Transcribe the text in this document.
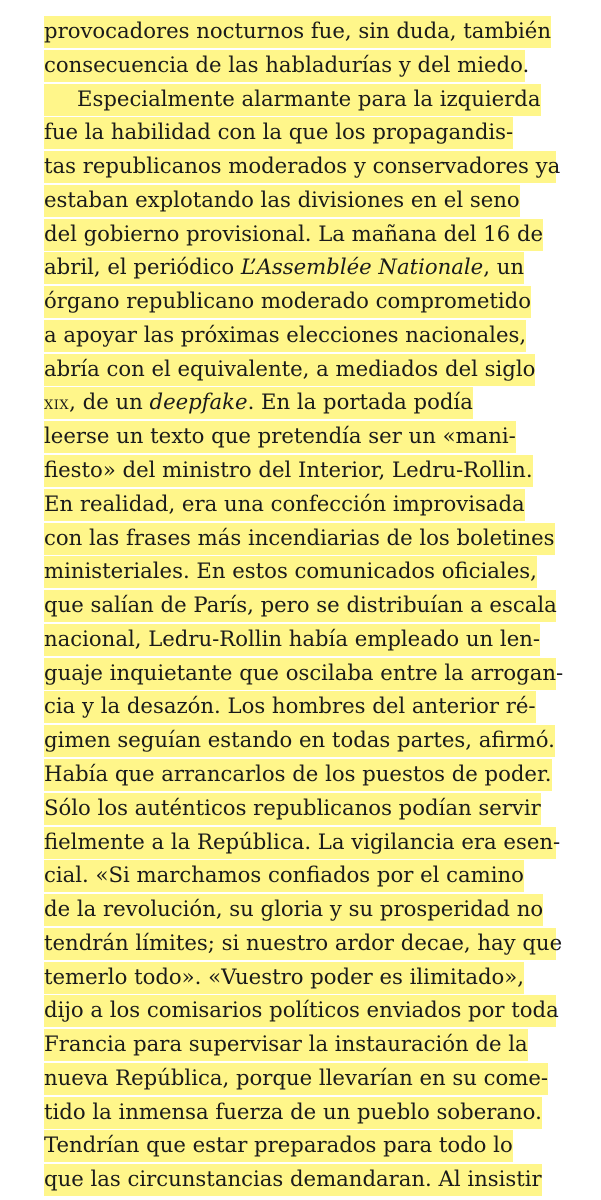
provocadores nocturnos fue, sin duda, también
consecuencia de las habladurías y del miedo.
Especialmente alarmante para la izquierda
fue la habilidad con la que los propagandis-
tas republicanos moderados y conservadores ya
estaban explotando las divisiones en el seno
del gobierno provisional. La mañana del 16 de
abril, el periódico L’Assemblée Nationale, un
órgano republicano moderado comprometido
a apoyar las próximas elecciones nacionales,
abría con el equivalente, a mediados del siglo
xix, de un deepfake. En la portada podía
leerse un texto que pretendía ser un «mani-
fiesto» del ministro del Interior, Ledru-Rollin.
En realidad, era una confección improvisada
con las frases más incendiarias de los boletines
ministeriales. En estos comunicados oficiales,
que salían de París, pero se distribuían a escala
nacional, Ledru-Rollin había empleado un len-
guaje inquietante que oscilaba entre la arrogan-
cia y la desazón. Los hombres del anterior ré-
gimen seguían estando en todas partes, afirmó.
Había que arrancarlos de los puestos de poder.
Sólo los auténticos republicanos podían servir
fielmente a la República. La vigilancia era esen-
cial. «Si marchamos confiados por el camino
de la revolución, su gloria y su prosperidad no
tendrán límites; si nuestro ardor decae, hay que
temerlo todo». «Vuestro poder es ilimitado»,
dijo a los comisarios políticos enviados por toda
Francia para supervisar la instauración de la
nueva República, porque llevarían en su come-
tido la inmensa fuerza de un pueblo soberano.
Tendrían que estar preparados para todo lo
que las circunstancias demandaran. Al insistir
